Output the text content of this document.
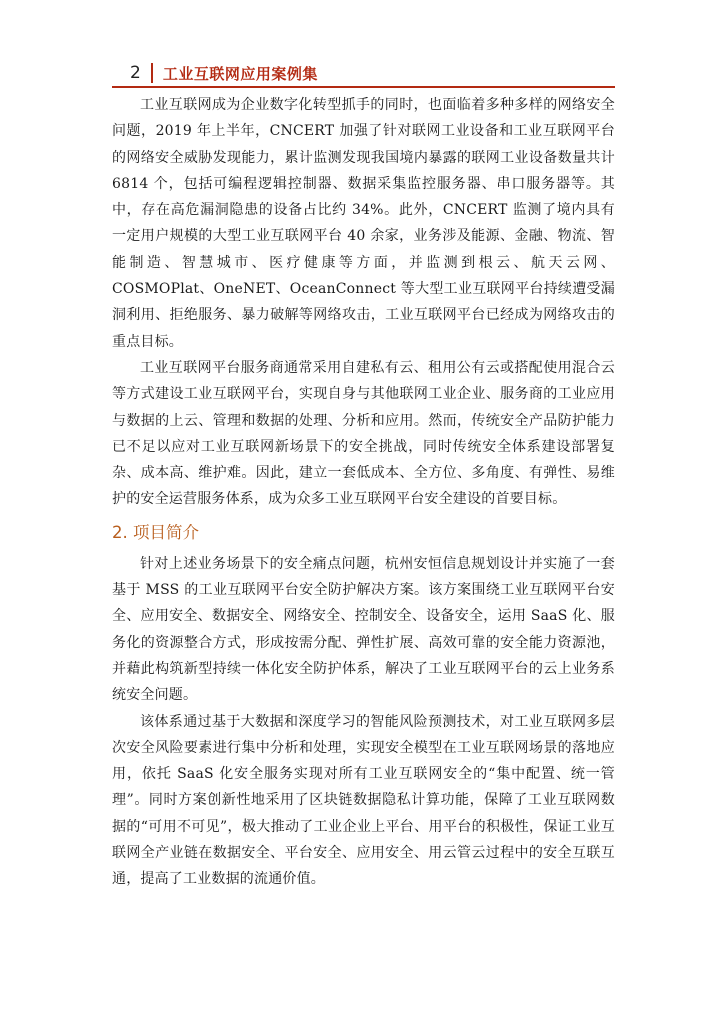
2 工业互联网应用案例集

工业互联网成为企业数字化转型抓手的同时，也面临着多种多样的网络安全问题，2019 年上半年，CNCERT 加强了针对联网工业设备和工业互联网平台的网络安全威胁发现能力，累计监测发现我国境内暴露的联网工业设备数量共计 6814 个，包括可编程逻辑控制器、数据采集监控服务器、串口服务器等。其中，存在高危漏洞隐患的设备占比约 34%。此外，CNCERT 监测了境内具有一定用户规模的大型工业互联网平台 40 余家，业务涉及能源、金融、物流、智能制造、智慧城市、医疗健康等方面，并监测到根云、航天云网、COSMOPlat、OneNET、OceanConnect 等大型工业互联网平台持续遭受漏洞利用、拒绝服务、暴力破解等网络攻击，工业互联网平台已经成为网络攻击的重点目标。

工业互联网平台服务商通常采用自建私有云、租用公有云或搭配使用混合云等方式建设工业互联网平台，实现自身与其他联网工业企业、服务商的工业应用与数据的上云、管理和数据的处理、分析和应用。然而，传统安全产品防护能力已不足以应对工业互联网新场景下的安全挑战，同时传统安全体系建设部署复杂、成本高、维护难。因此，建立一套低成本、全方位、多角度、有弹性、易维护的安全运营服务体系，成为众多工业互联网平台安全建设的首要目标。

2. 项目简介

针对上述业务场景下的安全痛点问题，杭州安恒信息规划设计并实施了一套基于 MSS 的工业互联网平台安全防护解决方案。该方案围绕工业互联网平台安全、应用安全、数据安全、网络安全、控制安全、设备安全，运用 SaaS 化、服务化的资源整合方式，形成按需分配、弹性扩展、高效可靠的安全能力资源池，并藉此构筑新型持续一体化安全防护体系，解决了工业互联网平台的云上业务系统安全问题。

该体系通过基于大数据和深度学习的智能风险预测技术，对工业互联网多层次安全风险要素进行集中分析和处理，实现安全模型在工业互联网场景的落地应用，依托 SaaS 化安全服务实现对所有工业互联网安全的“集中配置、统一管理”。同时方案创新性地采用了区块链数据隐私计算功能，保障了工业互联网数据的“可用不可见”，极大推动了工业企业上平台、用平台的积极性，保证工业互联网全产业链在数据安全、平台安全、应用安全、用云管云过程中的安全互联互通，提高了工业数据的流通价值。
